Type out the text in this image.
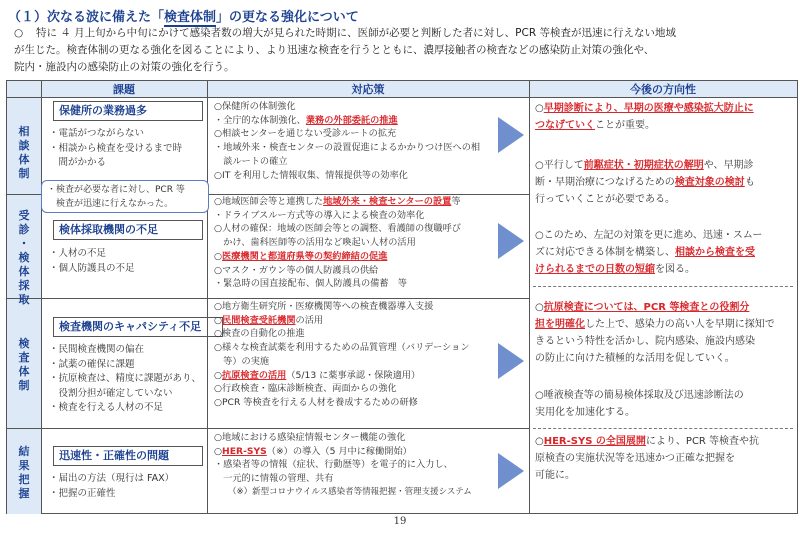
（１）次なる波に備えた「検査体制」の更なる強化について
○ 特に ４ 月上旬から中旬にかけて感染者数の増大が見られた時期に、医師が必要と判断した者に対し、PCR 等検査が迅速に行えない地域
が生じた。検査体制の更なる強化を図ることにより、より迅速な検査を行うとともに、濃厚接触者の検査などの感染防止対策の強化や、
院内・施設内の感染防止の対策の強化を行う。
課題	対応策	今後の方向性
相
談
体
制
受
診
・
検
体
採
取
検
査
体
制
結
果
把
握
保健所の業務過多
検体採取機関の不足
検査機関のキャパシティ不足
迅速性・正確性の問題
・電話がつながらない
・相談から検査を受けるまで時
　間がかかる
・人材の不足
・個人防護具の不足
・民間検査機関の偏在
・試薬の確保に課題
・抗原検査は、精度に課題があり、
　役割分担が確定していない
・検査を行える人材の不足
・届出の方法（現行は FAX）
・把握の正確性
・検査が必要な者に対し、PCR 等
　検査が迅速に行えなかった。
○保健所の体制強化
・全庁的な体制強化、業務の外部委託の推進
○相談センターを通じない受診ルートの拡充
・地域外来・検査センターの設置促進によるかかりつけ医への相
　談ルートの確立
○IT を利用した情報収集、情報提供等の効率化
○地域医師会等と連携した地域外来・検査センターの設置等
・ドライブスルー方式等の導入による検査の効率化
○人材の確保：地域の医師会等との調整、看護師の復職呼び
　かけ、歯科医師等の活用など喚起い人材の活用
○医療機関と都道府県等の契約締結の促進
○マスク・ガウン等の個人防護具の供給
・緊急時の国直接配布、個人防護具の備蓄　等
○地方衛生研究所・医療機関等への検査機器導入支援
○民間検査受託機関の活用
○検査の自動化の推進
○様々な検査試薬を利用するための品質管理（バリデーション
　等）の実施
○抗原検査の活用（5/13 に薬事承認・保険適用）
○行政検査・臨床診断検査、両面からの強化
○PCR 等検査を行える人材を養成するための研修
○地域における感染症情報センター機能の強化
○HER-SYS（※）の導入（5 月中に稼働開始）
・感染者等の情報（症状、行動歴等）を電子的に入力し、
　一元的に情報の管理、共有
（※）新型コロナウイルス感染者等情報把握・管理支援システム
○早期診断により、早期の医療や感染拡大防止に
つなげていくことが重要。
○平行して前駆症状・初期症状の解明や、早期診
断・早期治療につなげるための検査対象の検討も
行っていくことが必要である。
○このため、左記の対策を更に進め、迅速・スムー
ズに対応できる体制を構築し、相談から検査を受
けられるまでの日数の短縮を図る。
○抗原検査については、PCR 等検査との役割分
担を明確化した上で、感染力の高い人を早期に探知で
きるという特性を活かし、院内感染、施設内感染
の防止に向けた積極的な活用を促していく。
○唾液検査等の簡易検体採取及び迅速診断法の
実用化を加速化する。
○HER-SYS の全国展開により、PCR 等検査や抗
原検査の実施状況等を迅速かつ正確な把握を
可能に。
19
